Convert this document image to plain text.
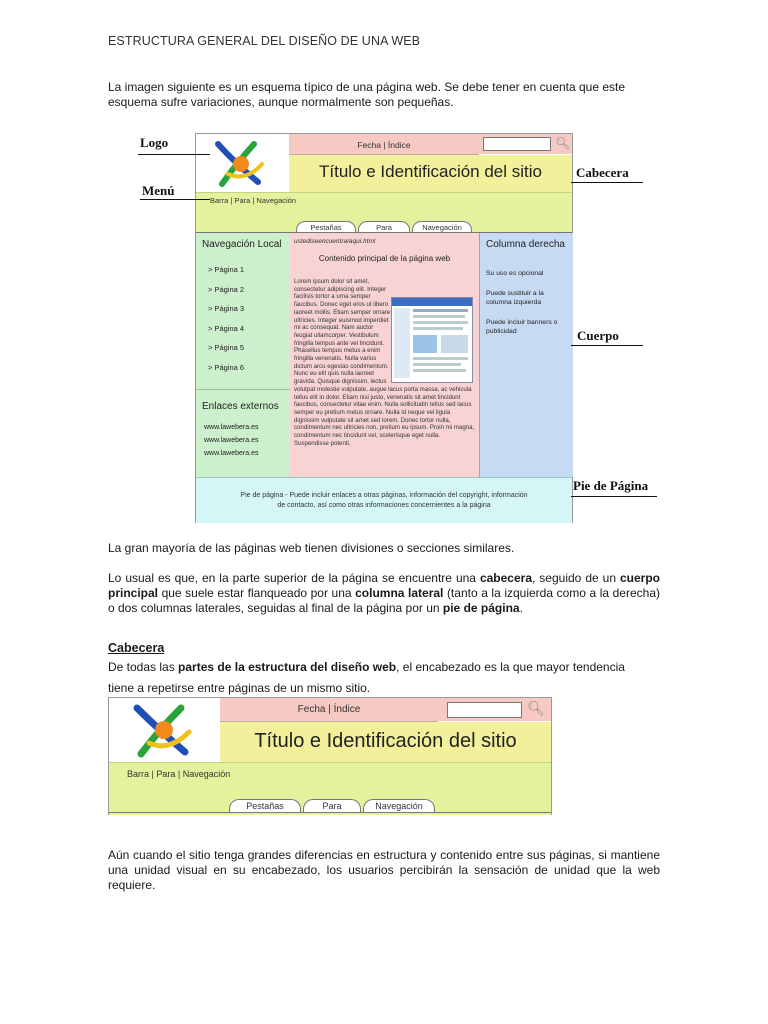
ESTRUCTURA GENERAL DEL DISEÑO DE UNA WEB
La imagen siguiente es un esquema típico de una página web. Se debe tener en cuenta que este
esquema sufre variaciones, aunque normalmente son pequeñas.
Fecha | Índice	🔍︎
Título e Identificación del sitio
Barra | Para | Navegación
Pestañas	Para	Navegación
Navegación Local
> Página 1
> Página 2
> Página 3
> Página 4
> Página 5
> Página 6
Enlaces externos
www.lawebera.es
www.lawebera.es
www.lawebera.es
ustedlseencuentra/aqui.html
Contenido principal de la página web
Lorem ipsum dolor sit amet, consectetur adipiscing elit. Integer facilisis tortor a urna semper faucibus. Donec eget eros ut libero laoreet mollis. Etiam semper ornare ultricies. Integer euismod imperdiet mi ac consequat. Nam auctor feugiat ullamcorper. Vestibulum fringilla tempus ante vel tincidunt. Phasellus tempus metus a enim fringilla venenatis. Nulla varius dictum arcu egestas condimentum. Nunc eu elit quis nulla laoreet gravida. Quisque dignissim, lectus volutpat molestie vulputate, augue lacus porta massa, ac vehicula tellus elit in dolor. Etiam nisi justo, venenatis sit amet tincidunt faucibus, consectetur vitae enim. Nulla sollicitudin tellus sed lacus semper eu pretium metus ornare. Nulla id neque vel ligula dignissim vulputate sit amet sed lorem. Donec tortor nulla, condimentum nec ultricies non, pretium eu ipsum. Proin mi magna, condimentum nec tincidunt vel, scelerisque eget nulla. Suspendisse potenti.
Columna derecha
Su uso es opcional
Puede sustituir a la columna izquierda
Puede incluir banners o publicidad
Pie de página - Puede incluir enlaces a otras páginas, información del copyright, información
de contacto, así como otras informaciones concernientes a la página
Logo
Menú
Cabecera
Cuerpo
Pie de Página
La gran mayoría de las páginas web tienen divisiones o secciones similares.
Lo usual es que, en la parte superior de la página se encuentre una cabecera, seguido de un cuerpo principal que suele estar flanqueado por una columna lateral (tanto a la izquierda como a la derecha) o dos columnas laterales, seguidas al final de la página por un pie de página.
Cabecera
De todas las partes de la estructura del diseño web, el encabezado es la que mayor tendencia
tiene a repetirse entre páginas de un mismo sitio.
Fecha | Índice	🔍︎
Título e Identificación del sitio
Barra | Para | Navegación
Pestañas	Para	Navegación
Aún cuando el sitio tenga grandes diferencias en estructura y contenido entre sus páginas, si mantiene una unidad visual en su encabezado, los usuarios percibirán la sensación de unidad que la web requiere.
